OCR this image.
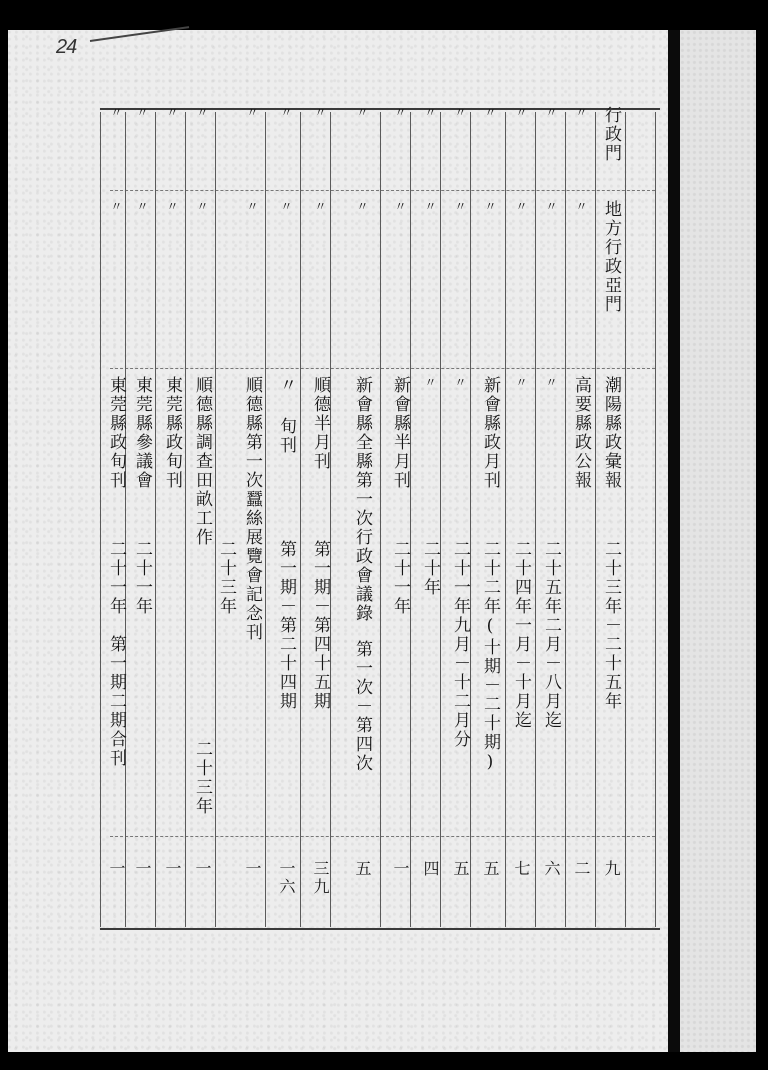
24
行政門
地方行政亞門
潮陽縣政彙報
二十三年－二十五年
九
〃
〃
高要縣政公報
二
〃
〃
〃
二十五年二月－八月迄
六
〃
〃
〃
二十四年一月－十月迄
七
〃
〃
新會縣政月刊
二十二年(十期－二十期)
五
〃
〃
〃
二十一年九月－十二月分
五
〃
〃
〃
二十年
四
〃
〃
新會縣半月刊
二十一年
一
〃
〃
新會縣全縣第一次行政會議錄
第一次－第四次
五
〃
〃
順德半月刊
第一期－第四十五期
三九
〃
〃
〃 旬刊
第一期－第二十四期
一六
〃
〃
順德縣第一次蠶絲展覽會記念刊
二十三年
一
〃
〃
順德縣調查田畝工作
二十三年
一
〃
〃
東莞縣政旬刊
一
〃
〃
東莞縣參議會
二十一年
一
〃
〃
東莞縣政旬刊
二十一年　第一期二期合刊
一
